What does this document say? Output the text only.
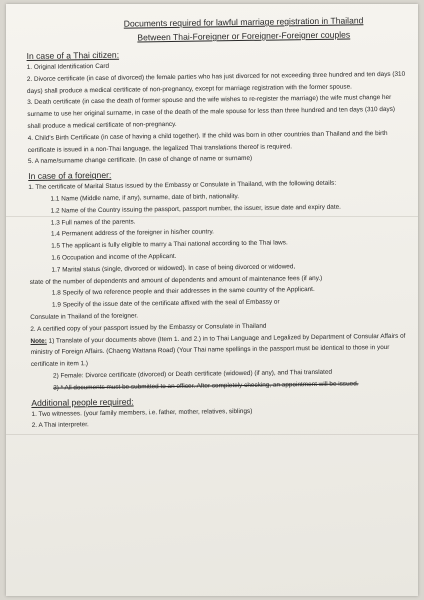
Documents required for lawful marriage registration in Thailand
Between Thai-Foreigner or Foreigner-Foreigner couples
In case of a Thai citizen:

1. Original Identification Card

2. Divorce certificate (in case of divorced) the female parties who has just divorced for not exceeding three hundred and ten days (310 days) shall produce a medical certificate of non-pregnancy, except for marriage registration with the former spouse.

3. Death certificate (in case the death of former spouse and the wife wishes to re-register the marriage) the wife must change her surname to use her original surname, in case of the death of the male spouse for less than three hundred and ten days (310 days) shall produce a medical certificate of non-pregnancy.

4. Child's Birth Certificate (in case of having a child together). If the child was born in other countries than Thailand and the birth certificate is issued in a non-Thai language, the legalized Thai translations thereof is required.

5. A name/surname change certificate. (In case of change of name or surname)

In case of a foreigner:

1. The certificate of Marital Status issued by the Embassy or Consulate in Thailand, with the following details:

1.1 Name (Middle name, if any), surname, date of birth, nationality.

1.2 Name of the Country issuing the passport, passport number, the issuer, issue date and expiry date.

1.3 Full names of the parents.

1.4 Permanent address of the foreigner in his/her country.

1.5 The applicant is fully eligible to marry a Thai national according to the Thai laws.

1.6 Occupation and income of the Applicant.

1.7 Marital status (single, divorced or widowed). In case of being divorced or widowed,

state of the number of dependents and amount of dependents and amount of maintenance fees (if any.)

1.8 Specify of two reference people and their addresses in the same country of the Applicant.

1.9 Specify of the issue date of the certificate affixed with the seal of Embassy or

Consulate in Thailand of the foreigner.

2. A certified copy of your passport issued by the Embassy or Consulate in Thailand

Note: 1) Translate of your documents above (Item 1. and 2.) in to Thai Language and Legalized by Department of Consular Affairs of ministry of Foreign Affairs. (Chaeng Wattana Road) (Your Thai name spellings in the passport must be identical to those in your certificate in item 1.)

2) Female: Divorce certificate (divorced) or Death certificate (widowed) (if any), and Thai translated

3) * All documents must be submitted to an officer. After completely checking, an appointment will be issued.

Additional people required:

1. Two witnesses. (your family members, i.e. father, mother, relatives, siblings)

2. A Thai interpreter.
